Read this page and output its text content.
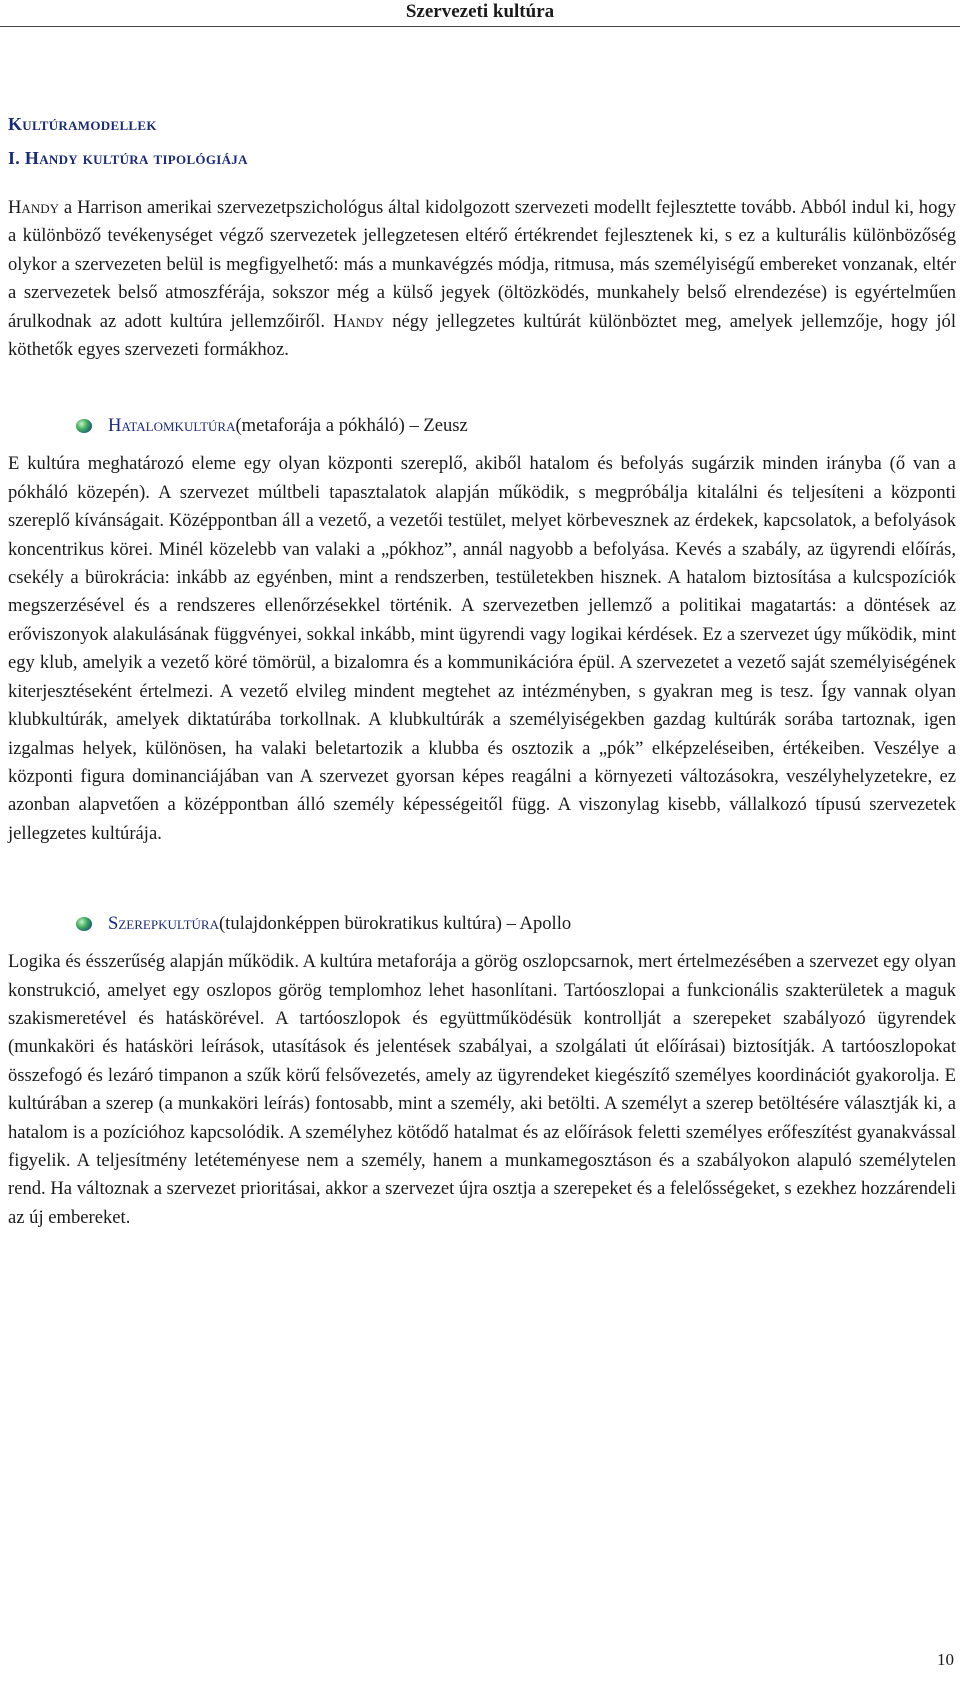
Szervezeti kultúra
Kultúramodellek
I. Handy kultúra tipológiája

Handy a Harrison amerikai szervezetpszichológus által kidolgozott szervezeti modellt fejlesztette tovább. Abból indul ki, hogy a különböző tevékenységet végző szervezetek jellegzetesen eltérő értékrendet fejlesztenek ki, s ez a kulturális különbözőség olykor a szervezeten belül is megfigyelhető: más a munkavégzés módja, ritmusa, más személyiségű embereket vonzanak, eltér a szervezetek belső atmoszférája, sokszor még a külső jegyek (öltözködés, munkahely belső elrendezése) is egyértelműen árulkodnak az adott kultúra jellemzőiről. Handy négy jellegzetes kultúrát különböztet meg, amelyek jellemzője, hogy jól köthetők egyes szervezeti formákhoz.

Hatalomkultúra (metaforája a pókháló) – Zeusz

E kultúra meghatározó eleme egy olyan központi szereplő, akiből hatalom és befolyás sugárzik minden irányba (ő van a pókháló közepén). A szervezet múltbeli tapasztalatok alapján működik, s megpróbálja kitalálni és teljesíteni a központi szereplő kívánságait. Középpontban áll a vezető, a vezetői testület, melyet körbevesznek az érdekek, kapcsolatok, a befolyások koncentrikus körei. Minél közelebb van valaki a „pókhoz”, annál nagyobb a befolyása. Kevés a szabály, az ügyrendi előírás, csekély a bürokrácia: inkább az egyénben, mint a rendszerben, testületekben hisznek. A hatalom biztosítása a kulcspozíciók megszerzésével és a rendszeres ellenőrzésekkel történik. A szervezetben jellemző a politikai magatartás: a döntések az erőviszonyok alakulásának függvényei, sokkal inkább, mint ügyrendi vagy logikai kérdések. Ez a szervezet úgy működik, mint egy klub, amelyik a vezető köré tömörül, a bizalomra és a kommunikációra épül. A szervezetet a vezető saját személyiségének kiterjesztéseként értelmezi. A vezető elvileg mindent megtehet az intézményben, s gyakran meg is tesz. Így vannak olyan klubkultúrák, amelyek diktatúrába torkollnak. A klubkultúrák a személyiségekben gazdag kultúrák sorába tartoznak, igen izgalmas helyek, különösen, ha valaki beletartozik a klubba és osztozik a „pók” elképzeléseiben, értékeiben. Veszélye a központi figura dominanciájában van A szervezet gyorsan képes reagálni a környezeti változásokra, veszélyhelyzetekre, ez azonban alapvetően a középpontban álló személy képességeitől függ. A viszonylag kisebb, vállalkozó típusú szervezetek jellegzetes kultúrája.

Szerepkultúra (tulajdonképpen bürokratikus kultúra) – Apollo

Logika és ésszerűség alapján működik. A kultúra metaforája a görög oszlopcsarnok, mert értelmezésében a szervezet egy olyan konstrukció, amelyet egy oszlopos görög templomhoz lehet hasonlítani. Tartóoszlopai a funkcionális szakterületek a maguk szakismeretével és hatáskörével. A tartóoszlopok és együttműködésük kontrollját a szerepeket szabályozó ügyrendek (munkaköri és hatásköri leírások, utasítások és jelentések szabályai, a szolgálati út előírásai) biztosítják. A tartóoszlopokat összefogó és lezáró timpanon a szűk körű felsővezetés, amely az ügyrendeket kiegészítő személyes koordinációt gyakorolja. E kultúrában a szerep (a munkaköri leírás) fontosabb, mint a személy, aki betölti. A személyt a szerep betöltésére választják ki, a hatalom is a pozícióhoz kapcsolódik. A személyhez kötődő hatalmat és az előírások feletti személyes erőfeszítést gyanakvással figyelik. A teljesítmény letéteményese nem a személy, hanem a munkamegosztáson és a szabályokon alapuló személytelen rend. Ha változnak a szervezet prioritásai, akkor a szervezet újra osztja a szerepeket és a felelősségeket, s ezekhez hozzárendeli az új embereket.

10
